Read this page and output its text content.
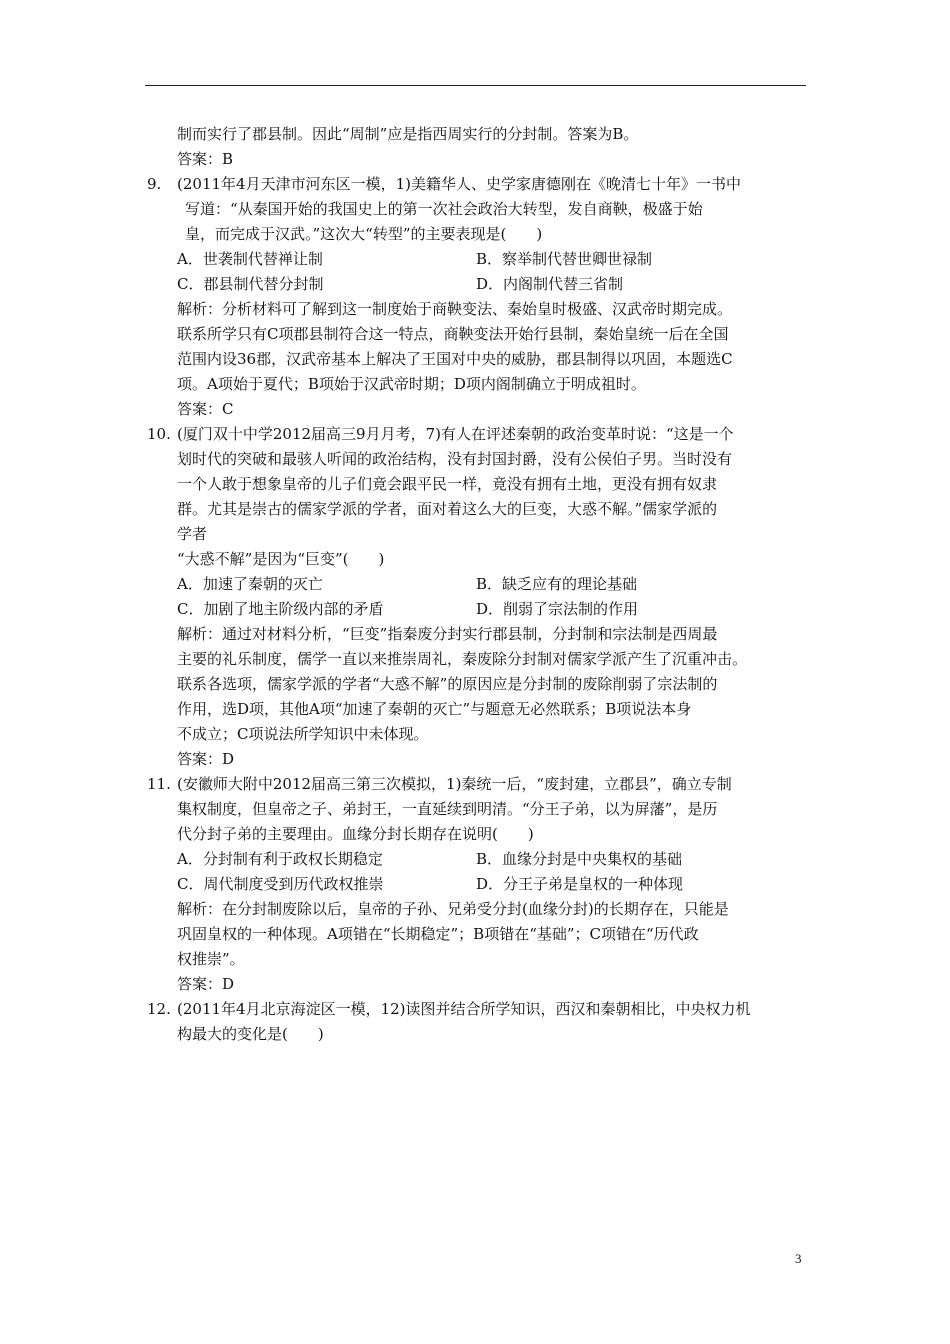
制而实行了郡县制。因此“周制”应是指西周实行的分封制。答案为B。
答案：B
9. (2011年4月天津市河东区一模，1)美籍华人、史学家唐德刚在《晚清七十年》一书中
写道：“从秦国开始的我国史上的第一次社会政治大转型，发自商鞅，极盛于始
皇，而完成于汉武。”这次大“转型”的主要表现是(　　)
A．世袭制代替禅让制	B．察举制代替世卿世禄制
C．郡县制代替分封制	D．内阁制代替三省制
解析：分析材料可了解到这一制度始于商鞅变法、秦始皇时极盛、汉武帝时期完成。
联系所学只有C项郡县制符合这一特点，商鞅变法开始行县制，秦始皇统一后在全国
范围内设36郡，汉武帝基本上解决了王国对中央的威胁，郡县制得以巩固，本题选C
项。A项始于夏代；B项始于汉武帝时期；D项内阁制确立于明成祖时。
答案：C
10. (厦门双十中学2012届高三9月月考，7)有人在评述秦朝的政治变革时说：“这是一个
划时代的突破和最骇人听闻的政治结构，没有封国封爵，没有公侯伯子男。当时没有
一个人敢于想象皇帝的儿子们竟会跟平民一样，竟没有拥有土地，更没有拥有奴隶
群。尤其是崇古的儒家学派的学者，面对着这么大的巨变，大惑不解。”儒家学派的
学者
“大惑不解”是因为“巨变”(　　)
A．加速了秦朝的灭亡	B．缺乏应有的理论基础
C．加剧了地主阶级内部的矛盾	D．削弱了宗法制的作用
解析：通过对材料分析，“巨变”指秦废分封实行郡县制，分封制和宗法制是西周最
主要的礼乐制度，儒学一直以来推崇周礼，秦废除分封制对儒家学派产生了沉重冲击。
联系各选项，儒家学派的学者“大惑不解”的原因应是分封制的废除削弱了宗法制的
作用，选D项，其他A项“加速了秦朝的灭亡”与题意无必然联系；B项说法本身
不成立；C项说法所学知识中未体现。
答案：D
11. (安徽师大附中2012届高三第三次模拟，1)秦统一后，“废封建，立郡县”，确立专制
集权制度，但皇帝之子、弟封王，一直延续到明清。“分王子弟，以为屏藩”，是历
代分封子弟的主要理由。血缘分封长期存在说明(　　)
A．分封制有利于政权长期稳定	B．血缘分封是中央集权的基础
C．周代制度受到历代政权推崇	D．分王子弟是皇权的一种体现
解析：在分封制废除以后，皇帝的子孙、兄弟受分封(血缘分封)的长期存在，只能是
巩固皇权的一种体现。A项错在“长期稳定”；B项错在“基础”；C项错在“历代政
权推崇”。
答案：D
12. (2011年4月北京海淀区一模，12)读图并结合所学知识，西汉和秦朝相比，中央权力机
构最大的变化是(　　)
3
